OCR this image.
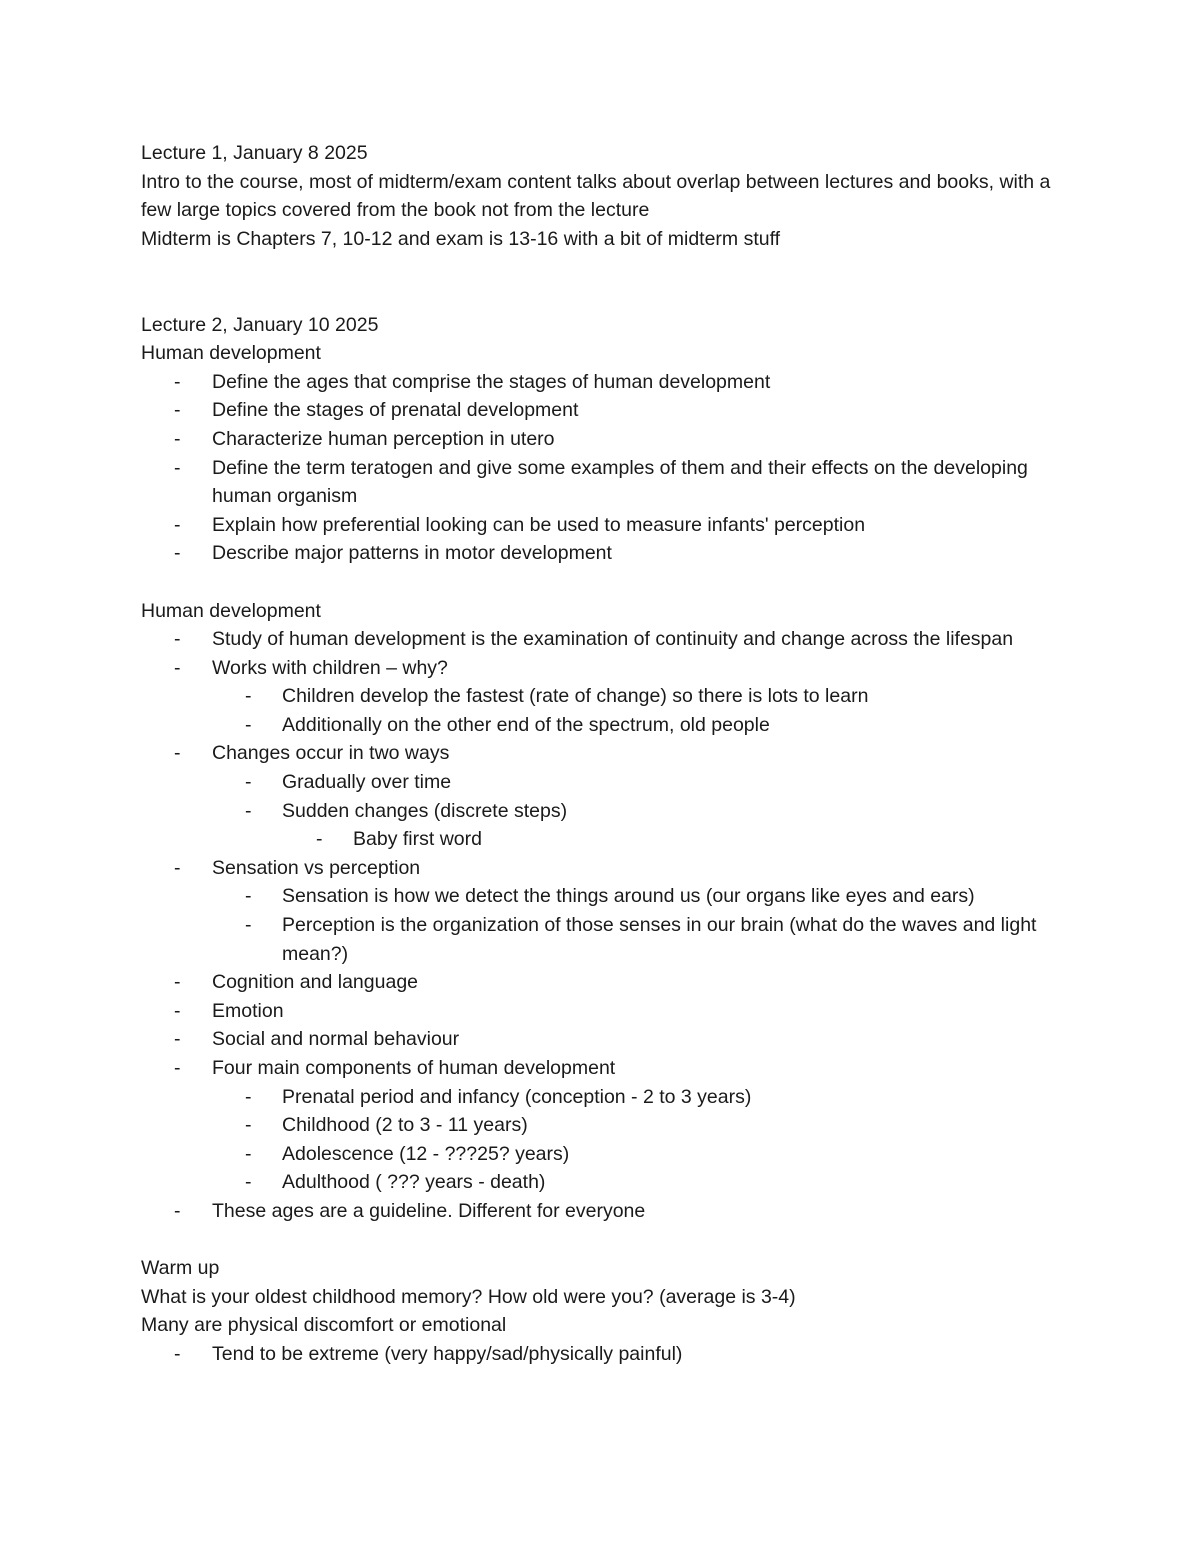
Lecture 1, January 8 2025
Intro to the course, most of midterm/exam content talks about overlap between lectures and books, with a few large topics covered from the book not from the lecture
Midterm is Chapters 7, 10-12 and exam is 13-16 with a bit of midterm stuff
Lecture 2, January 10 2025
Human development
- Define the ages that comprise the stages of human development
- Define the stages of prenatal development
- Characterize human perception in utero
- Define the term teratogen and give some examples of them and their effects on the developing human organism
- Explain how preferential looking can be used to measure infants' perception
- Describe major patterns in motor development
Human development
- Study of human development is the examination of continuity and change across the lifespan
- Works with children – why?
- Children develop the fastest (rate of change) so there is lots to learn
- Additionally on the other end of the spectrum, old people
- Changes occur in two ways
- Gradually over time
- Sudden changes (discrete steps)
- Baby first word
- Sensation vs perception
- Sensation is how we detect the things around us (our organs like eyes and ears)
- Perception is the organization of those senses in our brain (what do the waves and light mean?)
- Cognition and language
- Emotion
- Social and normal behaviour
- Four main components of human development
- Prenatal period and infancy (conception - 2 to 3 years)
- Childhood (2 to 3 - 11 years)
- Adolescence (12 - ???25? years)
- Adulthood ( ??? years - death)
- These ages are a guideline. Different for everyone
Warm up
What is your oldest childhood memory? How old were you? (average is 3-4)
Many are physical discomfort or emotional
- Tend to be extreme (very happy/sad/physically painful)
